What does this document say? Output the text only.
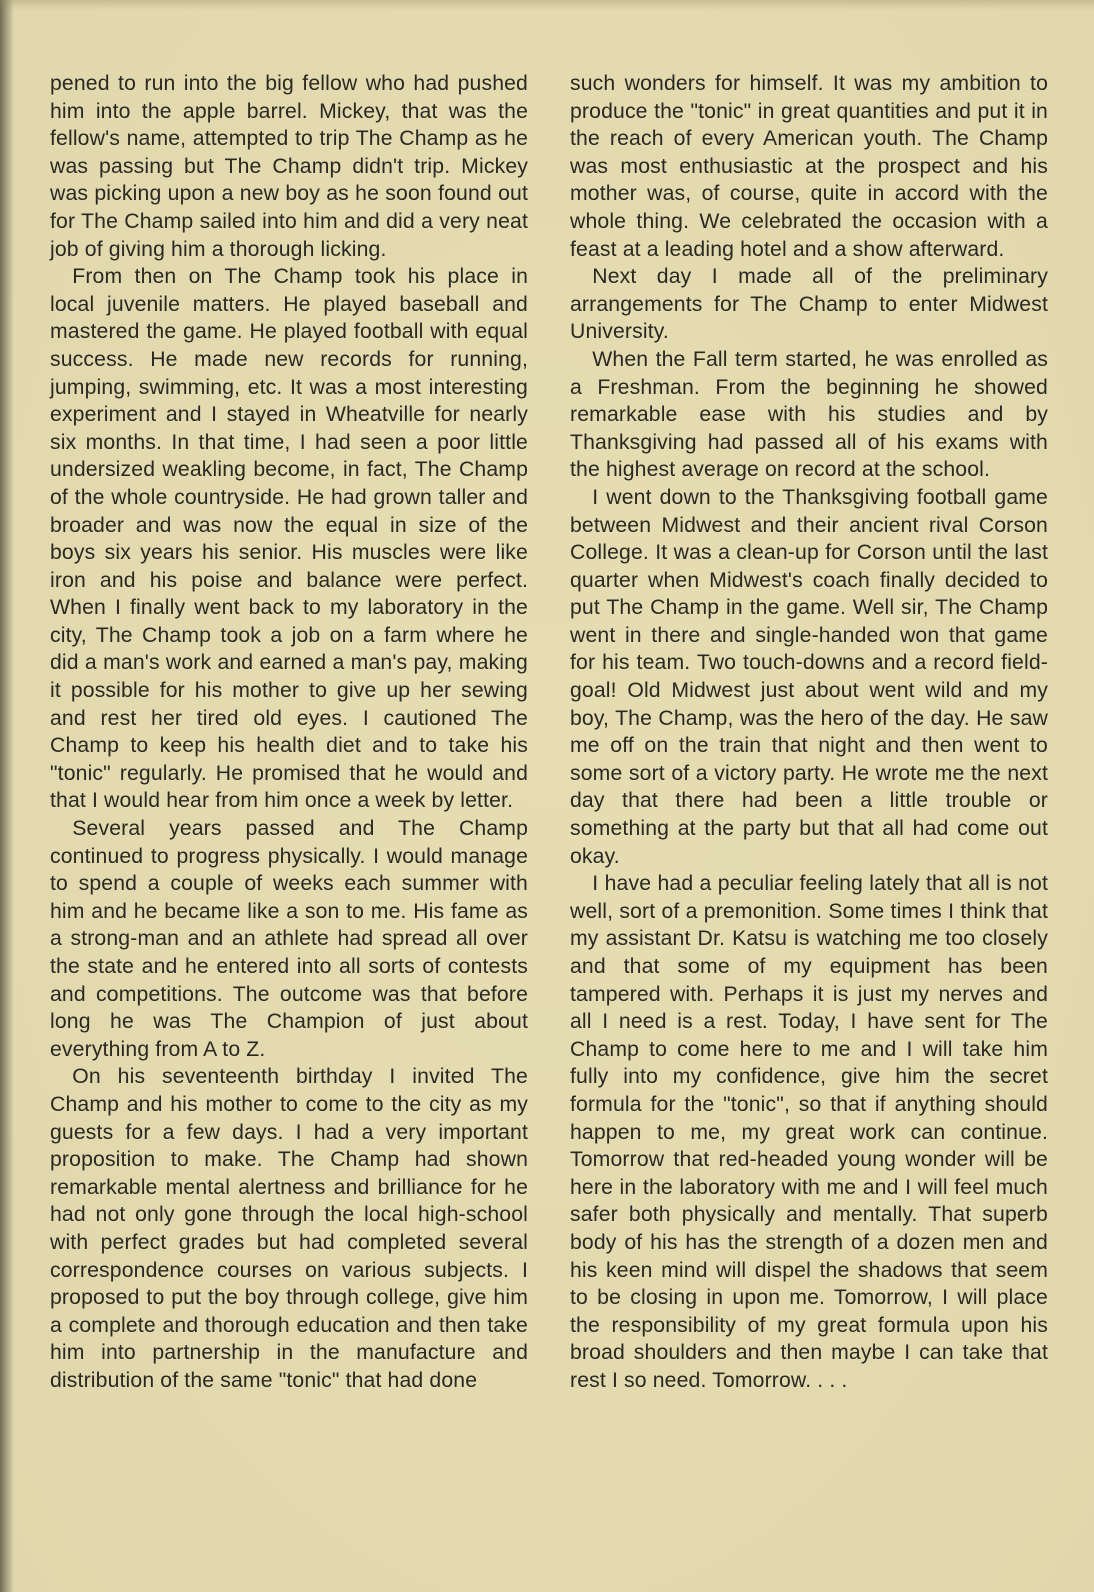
pened to run into the big fellow who had pushed him into the apple barrel. Mickey, that was the fellow's name, attempted to trip The Champ as he was passing but The Champ didn't trip. Mickey was picking upon a new boy as he soon found out for The Champ sailed into him and did a very neat job of giving him a thorough licking.

From then on The Champ took his place in local juvenile matters. He played baseball and mastered the game. He played football with equal success. He made new records for running, jumping, swimming, etc. It was a most interesting experiment and I stayed in Wheatville for nearly six months. In that time, I had seen a poor little undersized weakling become, in fact, The Champ of the whole countryside. He had grown taller and broader and was now the equal in size of the boys six years his senior. His muscles were like iron and his poise and balance were perfect. When I finally went back to my laboratory in the city, The Champ took a job on a farm where he did a man's work and earned a man's pay, making it possible for his mother to give up her sewing and rest her tired old eyes. I cautioned The Champ to keep his health diet and to take his "tonic" regularly. He promised that he would and that I would hear from him once a week by letter.

Several years passed and The Champ continued to progress physically. I would manage to spend a couple of weeks each summer with him and he became like a son to me. His fame as a strong-man and an athlete had spread all over the state and he entered into all sorts of contests and competitions. The outcome was that before long he was The Champion of just about everything from A to Z.

On his seventeenth birthday I invited The Champ and his mother to come to the city as my guests for a few days. I had a very important proposition to make. The Champ had shown remarkable mental alertness and brilliance for he had not only gone through the local high-school with perfect grades but had completed several correspondence courses on various subjects. I proposed to put the boy through college, give him a complete and thorough education and then take him into partnership in the manufacture and distribution of the same "tonic" that had done

such wonders for himself. It was my ambition to produce the "tonic" in great quantities and put it in the reach of every American youth. The Champ was most enthusiastic at the prospect and his mother was, of course, quite in accord with the whole thing. We celebrated the occasion with a feast at a leading hotel and a show afterward.

Next day I made all of the preliminary arrangements for The Champ to enter Midwest University.

When the Fall term started, he was enrolled as a Freshman. From the beginning he showed remarkable ease with his studies and by Thanksgiving had passed all of his exams with the highest average on record at the school.

I went down to the Thanksgiving football game between Midwest and their ancient rival Corson College. It was a clean-up for Corson until the last quarter when Midwest's coach finally decided to put The Champ in the game. Well sir, The Champ went in there and single-handed won that game for his team. Two touch-downs and a record field-goal! Old Midwest just about went wild and my boy, The Champ, was the hero of the day. He saw me off on the train that night and then went to some sort of a victory party. He wrote me the next day that there had been a little trouble or something at the party but that all had come out okay.

I have had a peculiar feeling lately that all is not well, sort of a premonition. Some times I think that my assistant Dr. Katsu is watching me too closely and that some of my equipment has been tampered with. Perhaps it is just my nerves and all I need is a rest. Today, I have sent for The Champ to come here to me and I will take him fully into my confidence, give him the secret formula for the "tonic", so that if anything should happen to me, my great work can continue. Tomorrow that red-headed young wonder will be here in the laboratory with me and I will feel much safer both physically and mentally. That superb body of his has the strength of a dozen men and his keen mind will dispel the shadows that seem to be closing in upon me. Tomorrow, I will place the responsibility of my great formula upon his broad shoulders and then maybe I can take that rest I so need. Tomorrow. . . .
